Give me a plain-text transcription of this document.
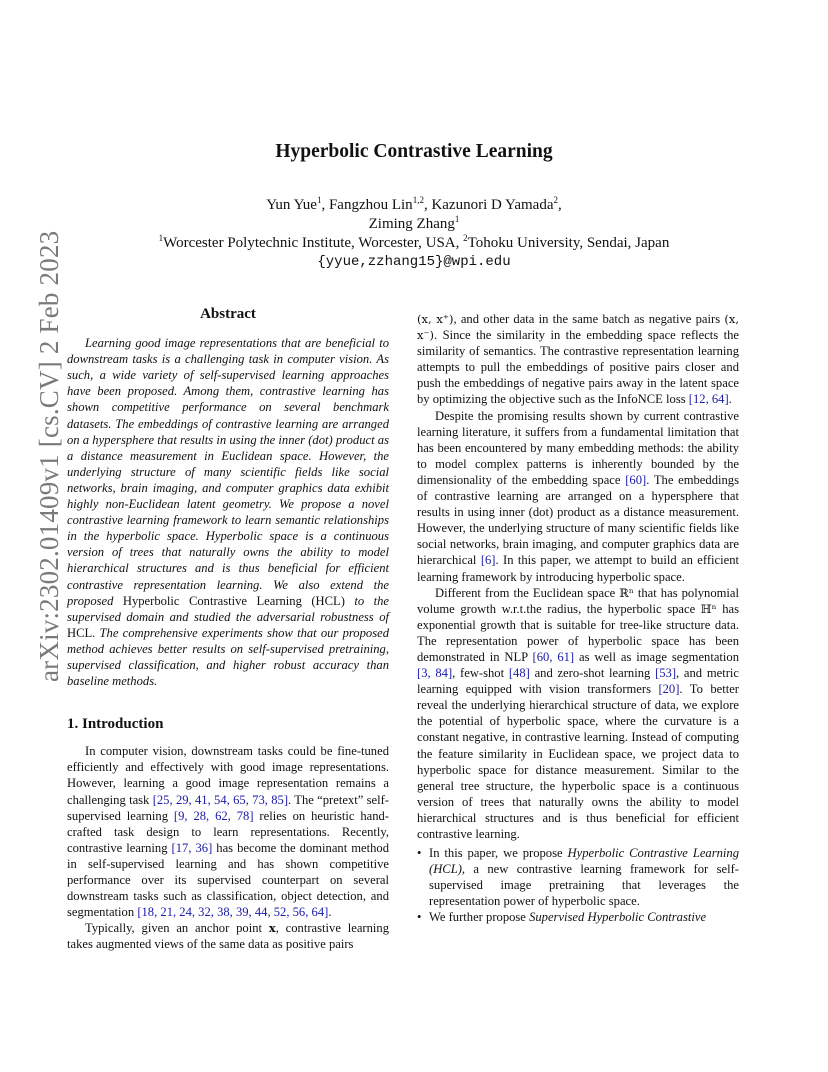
arXiv:2302.01409v1 [cs.CV] 2 Feb 2023
Hyperbolic Contrastive Learning
Yun Yue$^1$, Fangzhou Lin$^{1,2}$, Kazunori D Yamada$^2$,
Ziming Zhang$^1$
$^1$Worcester Polytechnic Institute, Worcester, USA, $^2$Tohoku University, Sendai, Japan
{yyue,zzhang15}@wpi.edu
Abstract

Learning good image representations that are beneficial to downstream tasks is a challenging task in computer vision. As such, a wide variety of self-supervised learning approaches have been proposed. Among them, contrastive learning has shown competitive performance on several benchmark datasets. The embeddings of contrastive learning are arranged on a hypersphere that results in using the inner (dot) product as a distance measurement in Euclidean space. However, the underlying structure of many scientific fields like social networks, brain imaging, and computer graphics data exhibit highly non-Euclidean latent geometry. We propose a novel contrastive learning framework to learn semantic relationships in the hyperbolic space. Hyperbolic space is a continuous version of trees that naturally owns the ability to model hierarchical structures and is thus beneficial for efficient contrastive representation learning. We also extend the proposed Hyperbolic Contrastive Learning (HCL) to the supervised domain and studied the adversarial robustness of HCL. The comprehensive experiments show that our proposed method achieves better results on self-supervised pretraining, supervised classification, and higher robust accuracy than baseline methods.

1. Introduction

In computer vision, downstream tasks could be fine-tuned efficiently and effectively with good image representations. However, learning a good image representation remains a challenging task [25, 29, 41, 54, 65, 73, 85]. The “pretext” self-supervised learning [9, 28, 62, 78] relies on heuristic hand-crafted task design to learn representations. Recently, contrastive learning [17, 36] has become the dominant method in self-supervised learning and has shown competitive performance over its supervised counterpart on several downstream tasks such as classification, object detection, and segmentation [18, 21, 24, 32, 38, 39, 44, 52, 56, 64].

Typically, given an anchor point x, contrastive learning takes augmented views of the same data as positive pairs

(x, x⁺), and other data in the same batch as negative pairs (x, x⁻). Since the similarity in the embedding space reflects the similarity of semantics. The contrastive representation learning attempts to pull the embeddings of positive pairs closer and push the embeddings of negative pairs away in the latent space by optimizing the objective such as the InfoNCE loss [12, 64].

Despite the promising results shown by current contrastive learning literature, it suffers from a fundamental limitation that has been encountered by many embedding methods: the ability to model complex patterns is inherently bounded by the dimensionality of the embedding space [60]. The embeddings of contrastive learning are arranged on a hypersphere that results in using inner (dot) product as a distance measurement. However, the underlying structure of many scientific fields like social networks, brain imaging, and computer graphics data are hierarchical [6]. In this paper, we attempt to build an efficient learning framework by introducing hyperbolic space.

Different from the Euclidean space ℝⁿ that has polynomial volume growth w.r.t.the radius, the hyperbolic space ℍⁿ has exponential growth that is suitable for tree-like structure data. The representation power of hyperbolic space has been demonstrated in NLP [60, 61] as well as image segmentation [3, 84], few-shot [48] and zero-shot learning [53], and metric learning equipped with vision transformers [20]. To better reveal the underlying hierarchical structure of data, we explore the potential of hyperbolic space, where the curvature is a constant negative, in contrastive learning. Instead of computing the feature similarity in Euclidean space, we project data to hyperbolic space for distance measurement. Similar to the general tree structure, the hyperbolic space is a continuous version of trees that naturally owns the ability to model hierarchical structures and is thus beneficial for efficient contrastive learning.

• In this paper, we propose Hyperbolic Contrastive Learning (HCL), a new contrastive learning framework for self-supervised image pretraining that leverages the representation power of hyperbolic space.
• We further propose Supervised Hyperbolic Contrastive
